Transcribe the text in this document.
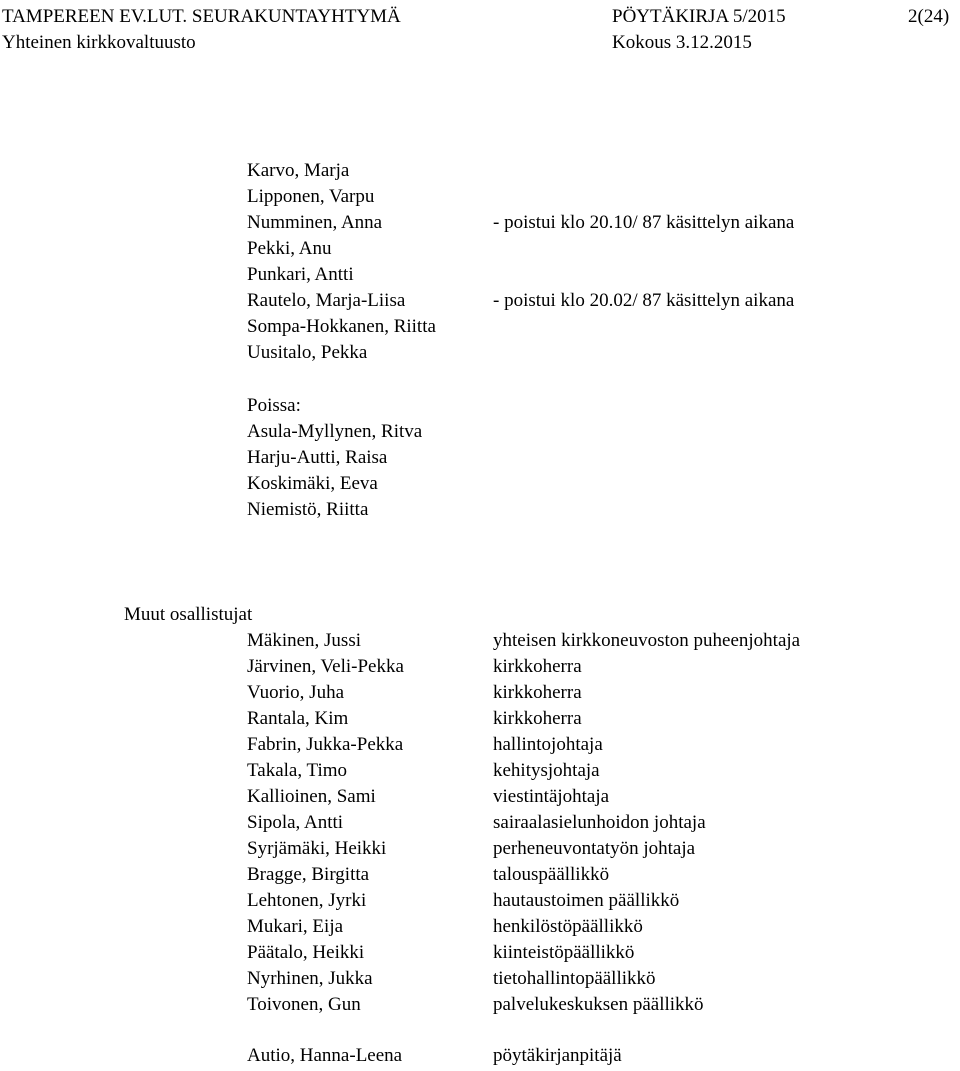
TAMPEREEN EV.LUT. SEURAKUNTAYHTYMÄ	PÖYTÄKIRJA 5/2015	2(24)
Yhteinen kirkkovaltuusto	Kokous 3.12.2015
Karvo, Marja
Lipponen, Varpu
Numminen, Anna	- poistui klo 20.10/ 87 käsittelyn aikana
Pekki, Anu
Punkari, Antti
Rautelo, Marja-Liisa	- poistui klo 20.02/ 87 käsittelyn aikana
Sompa-Hokkanen, Riitta
Uusitalo, Pekka
Poissa:
Asula-Myllynen, Ritva
Harju-Autti, Raisa
Koskimäki, Eeva
Niemistö, Riitta
Muut osallistujat
Mäkinen, Jussi	yhteisen kirkkoneuvoston puheenjohtaja
Järvinen, Veli-Pekka	kirkkoherra
Vuorio, Juha	kirkkoherra
Rantala, Kim	kirkkoherra
Fabrin, Jukka-Pekka	hallintojohtaja
Takala, Timo	kehitysjohtaja
Kallioinen, Sami	viestintäjohtaja
Sipola, Antti	sairaalasielunhoidon johtaja
Syrjämäki, Heikki	perheneuvontatyön johtaja
Bragge, Birgitta	talouspäällikkö
Lehtonen, Jyrki	hautaustoimen päällikkö
Mukari, Eija	henkilöstöpäällikkö
Päätalo, Heikki	kiinteistöpäällikkö
Nyrhinen, Jukka	tietohallintopäällikkö
Toivonen, Gun	palvelukeskuksen päällikkö
Autio, Hanna-Leena	pöytäkirjanpitäjä
